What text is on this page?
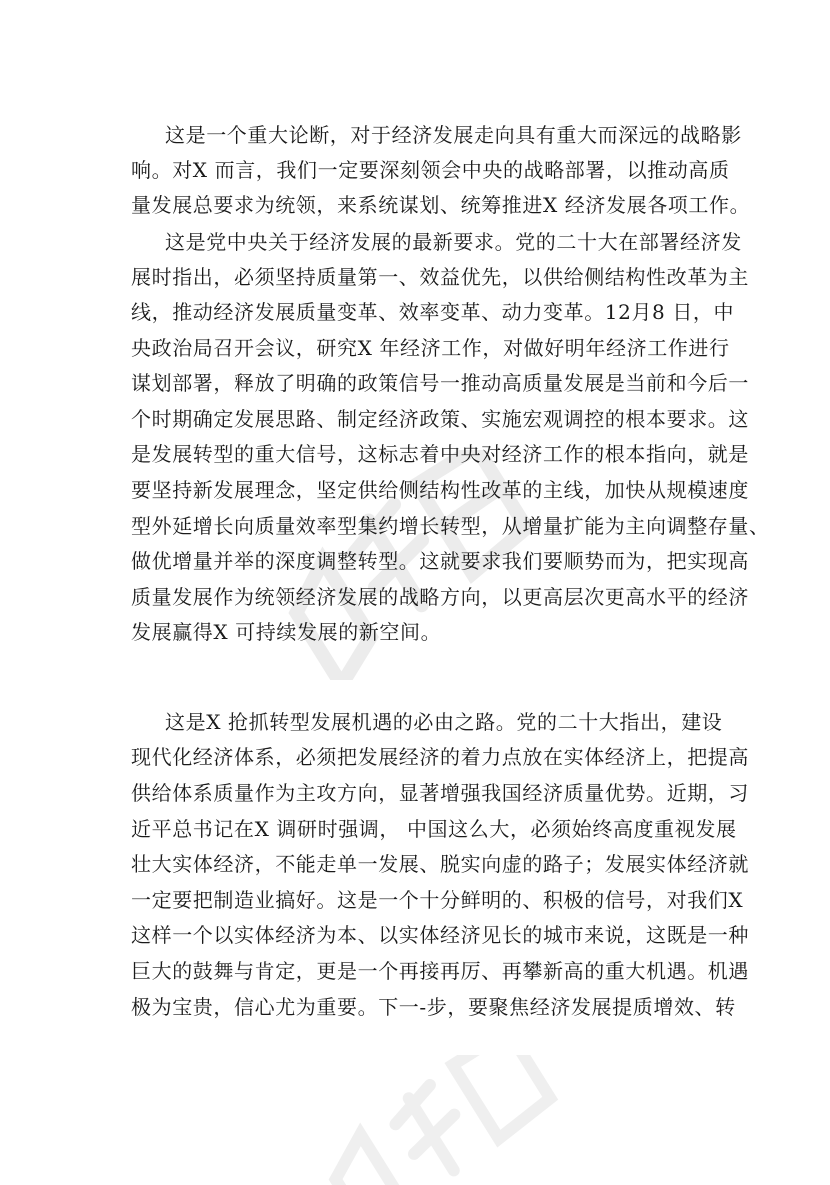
这是一个重大论断，对于经济发展走向具有重大而深远的战略影
响。对X 而言，我们一定要深刻领会中央的战略部署，以推动高质
量发展总要求为统领，来系统谋划、统筹推进X 经济发展各项工作。
这是党中央关于经济发展的最新要求。党的二十大在部署经济发
展时指出，必须坚持质量第一、效益优先，以供给侧结构性改革为主
线，推动经济发展质量变革、效率变革、动力变革。12月8 日，中
央政治局召开会议，研究X 年经济工作，对做好明年经济工作进行
谋划部署，释放了明确的政策信号一推动高质量发展是当前和今后一
个时期确定发展思路、制定经济政策、实施宏观调控的根本要求。这
是发展转型的重大信号，这标志着中央对经济工作的根本指向，就是
要坚持新发展理念，坚定供给侧结构性改革的主线，加快从规模速度
型外延增长向质量效率型集约增长转型，从增量扩能为主向调整存量、
做优增量并举的深度调整转型。这就要求我们要顺势而为，把实现高
质量发展作为统领经济发展的战略方向，以更高层次更高水平的经济
发展赢得X 可持续发展的新空间。
这是X 抢抓转型发展机遇的必由之路。党的二十大指出，建设
现代化经济体系，必须把发展经济的着力点放在实体经济上，把提高
供给体系质量作为主攻方向，显著增强我国经济质量优势。近期，习
近平总书记在X 调研时强调， 中国这么大，必须始终高度重视发展
壮大实体经济，不能走单一发展、脱实向虚的路子；发展实体经济就
一定要把制造业搞好。这是一个十分鲜明的、积极的信号，对我们X
这样一个以实体经济为本、以实体经济见长的城市来说，这既是一种
巨大的鼓舞与肯定，更是一个再接再厉、再攀新高的重大机遇。机遇
极为宝贵，信心尤为重要。下一-步，要聚焦经济发展提质增效、转
